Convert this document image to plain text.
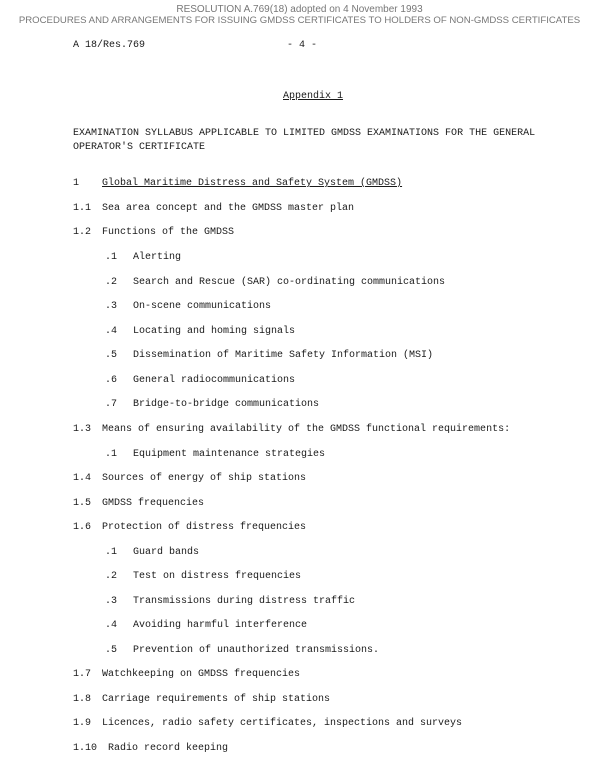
RESOLUTION A.769(18) adopted on 4 November 1993
PROCEDURES AND ARRANGEMENTS FOR ISSUING GMDSS CERTIFICATES TO HOLDERS OF NON-GMDSS CERTIFICATES
A 18/Res.769	- 4 -
Appendix 1
EXAMINATION SYLLABUS APPLICABLE TO LIMITED GMDSS EXAMINATIONS FOR THE GENERAL
OPERATOR'S CERTIFICATE
1 Global Maritime Distress and Safety System (GMDSS)
1.1 Sea area concept and the GMDSS master plan
1.2 Functions of the GMDSS
.1 Alerting
.2 Search and Rescue (SAR) co-ordinating communications
.3 On-scene communications
.4 Locating and homing signals
.5 Dissemination of Maritime Safety Information (MSI)
.6 General radiocommunications
.7 Bridge-to-bridge communications
1.3 Means of ensuring availability of the GMDSS functional requirements:
.1 Equipment maintenance strategies
1.4 Sources of energy of ship stations
1.5 GMDSS frequencies
1.6 Protection of distress frequencies
.1 Guard bands
.2 Test on distress frequencies
.3 Transmissions during distress traffic
.4 Avoiding harmful interference
.5 Prevention of unauthorized transmissions.
1.7 Watchkeeping on GMDSS frequencies
1.8 Carriage requirements of ship stations
1.9 Licences, radio safety certificates, inspections and surveys
1.10 Radio record keeping
